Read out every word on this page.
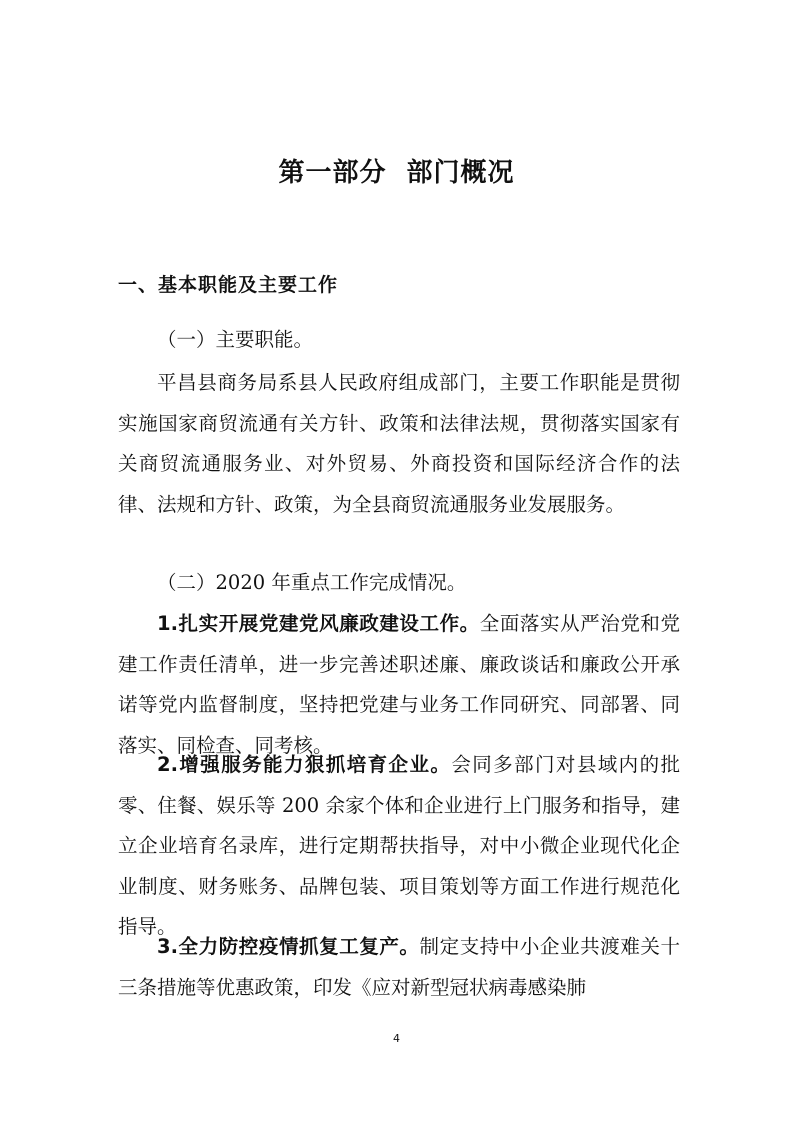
第一部分  部门概况
一、基本职能及主要工作
（一）主要职能。
平昌县商务局系县人民政府组成部门，主要工作职能是贯彻实施国家商贸流通有关方针、政策和法律法规，贯彻落实国家有关商贸流通服务业、对外贸易、外商投资和国际经济合作的法律、法规和方针、政策，为全县商贸流通服务业发展服务。
（二）2020 年重点工作完成情况。
1.扎实开展党建党风廉政建设工作。全面落实从严治党和党建工作责任清单，进一步完善述职述廉、廉政谈话和廉政公开承诺等党内监督制度，坚持把党建与业务工作同研究、同部署、同落实、同检查、同考核。
2.增强服务能力狠抓培育企业。会同多部门对县域内的批零、住餐、娱乐等 200 余家个体和企业进行上门服务和指导，建立企业培育名录库，进行定期帮扶指导，对中小微企业现代化企业制度、财务账务、品牌包装、项目策划等方面工作进行规范化指导。
3.全力防控疫情抓复工复产。制定支持中小企业共渡难关十三条措施等优惠政策，印发《应对新型冠状病毒感染肺
4
